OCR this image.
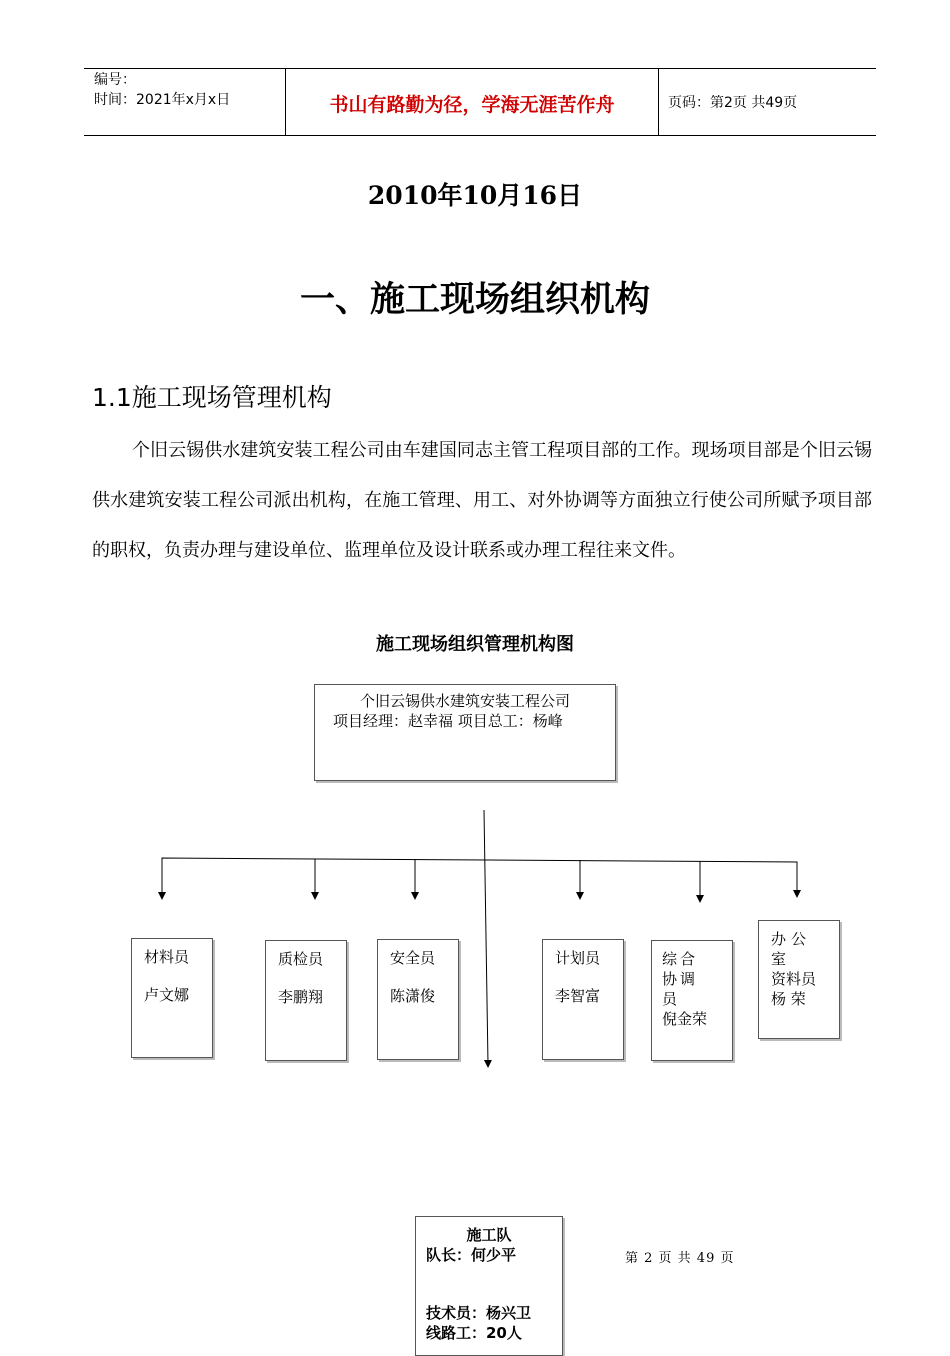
编号：
时间：2021年x月x日	书山有路勤为径，学海无涯苦作舟	页码：第2页 共49页
2010年10月16日
一、施工现场组织机构
1.1施工现场管理机构
个旧云锡供水建筑安装工程公司由车建国同志主管工程项目部的工作。现场项目部是个旧云锡供水建筑安装工程公司派出机构，在施工管理、用工、对外协调等方面独立行使公司所赋予项目部的职权，负责办理与建设单位、监理单位及设计联系或办理工程往来文件。
施工现场组织管理机构图
个旧云锡供水建筑安装工程公司
项目经理：赵幸福 项目总工：杨峰
材料员
卢文娜
质检员
李鹏翔
安全员
陈潇俊
计划员
李智富
综合协调员
倪金荣
办公室
资料员
杨 荣
施工队
队长：何少平
技术员：杨兴卫
线路工：20人
第 2 页 共 49 页
